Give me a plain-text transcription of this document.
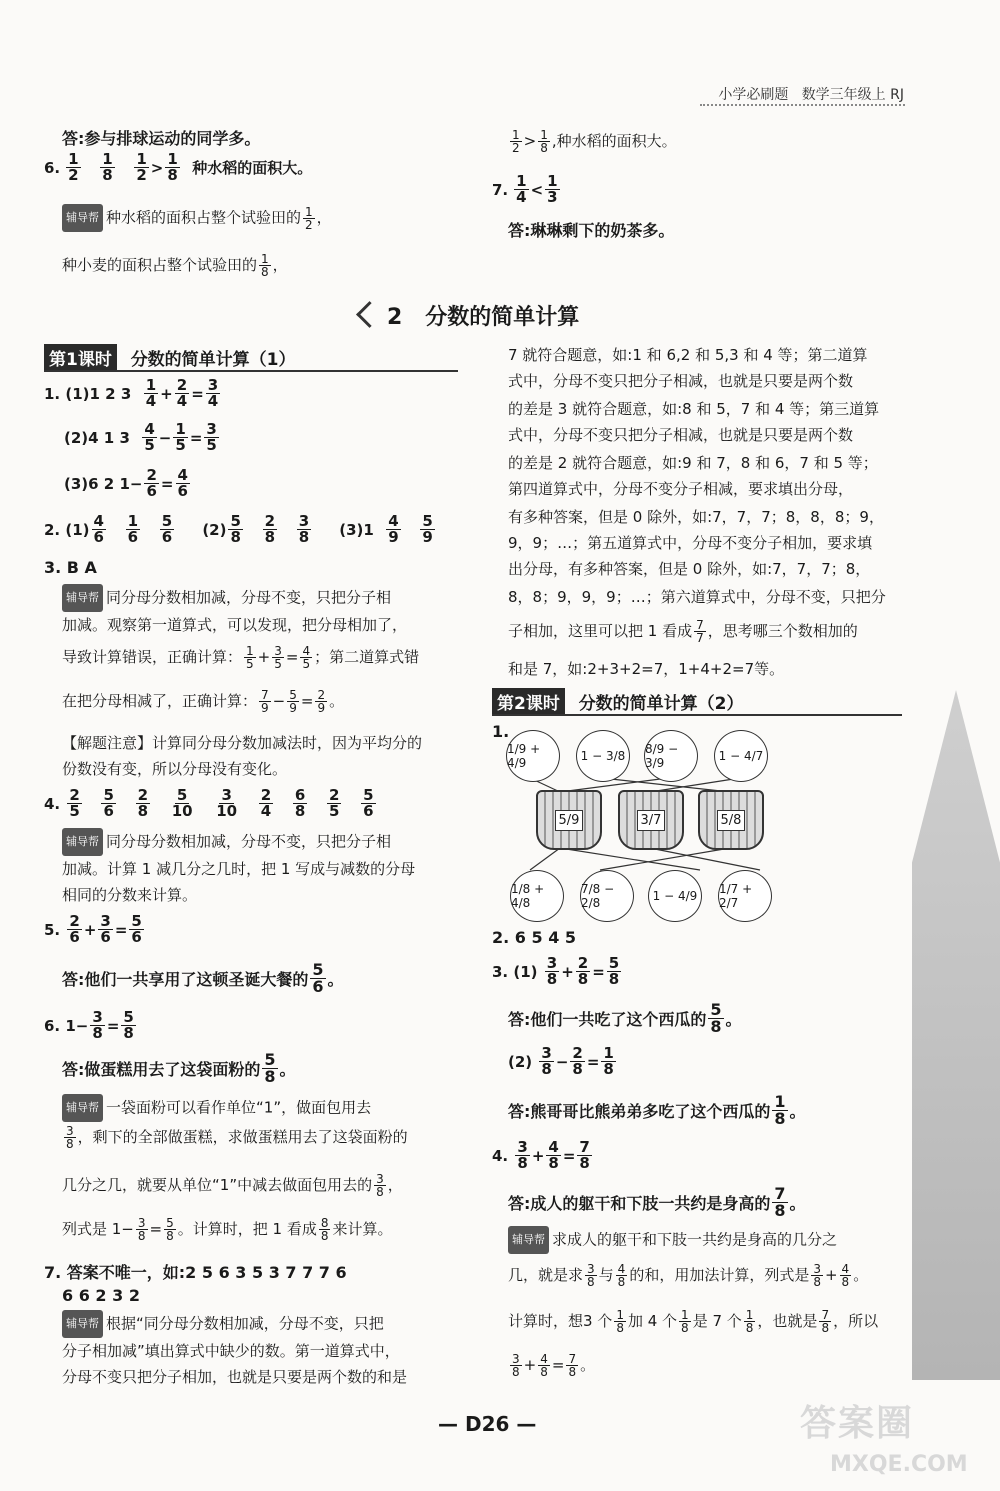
小学必刷题 数学三年级上 RJ
答:参与排球运动的同学多。
6. $\frac{1}{2}$
$\frac{1}{8}$
$\frac{1}{2} > \frac{1}{8}$
种水稻的面积大。
辅导帮 种水稻的面积占整个试验田的 $\frac{1}{2}$ ，
种小麦的面积占整个试验田的 $\frac{1}{8}$ ，
$\frac{1}{2} > \frac{1}{8}$ ,种水稻的面积大。
7. $\frac{1}{4} < \frac{1}{3}$
答:琳琳剩下的奶茶多。
2 分数的简单计算
第1课时 分数的简单计算（1）
1.
(1)1 2 3
$\frac{1}{4} + \frac{2}{4} = \frac{3}{4}$
(2)4 1 3
$\frac{4}{5} - \frac{1}{5} = \frac{3}{5}$
(3)6 2 $1- \frac{2}{6} = \frac{4}{6}$
2.
$(1) \frac{4}{6}$
$\frac{1}{6}$
$\frac{5}{6}$
$(2) \frac{5}{8}$
$\frac{2}{8}$
$\frac{3}{8}$
(3)1
$\frac{4}{9}$
$\frac{5}{9}$
3. B A
辅导帮 同分母分数相加减，分母不变，只把分子相
加减。观察第一道算式，可以发现，把分母相加了，
导致计算错误，正确计算： $\frac{1}{5} + \frac{3}{5} = \frac{4}{5}$ ；第二道算式错
在把分母相减了，正确计算： $\frac{7}{9} - \frac{5}{9} = \frac{2}{9}$ 。
【解题注意】计算同分母分数加减法时，因为平均分的
份数没有变，所以分母没有变化。
4.
$\frac{2}{5}$
$\frac{5}{6}$
$\frac{2}{8}$
$\frac{5}{10}$
$\frac{3}{10}$
$\frac{2}{4}$
$\frac{6}{8}$
$\frac{2}{5}$
$\frac{5}{6}$
辅导帮 同分母分数相加减，分母不变，只把分子相
加减。计算 1 减几分之几时，把 1 写成与减数的分母
相同的分数来计算。
5.
$\frac{2}{6} + \frac{3}{6} = \frac{5}{6}$
答:他们一共享用了这顿圣诞大餐的 $\frac{5}{6}$ 。
6. $1- \frac{3}{8} = \frac{5}{8}$
答:做蛋糕用去了这袋面粉的 $\frac{5}{8}$ 。
辅导帮 一袋面粉可以看作单位“1”，做面包用去
$\frac{3}{8}$ ，剩下的全部做蛋糕，求做蛋糕用去了这袋面粉的
几分之几，就要从单位“1”中减去做面包用去的 $\frac{3}{8}$ ，
列式是 $1- \frac{3}{8} = \frac{5}{8}$ 。计算时，把 1 看成 $\frac{8}{8}$ 来计算。
7. 答案不唯一，如:2 5 6 3 5 3 7 7 7 6
6 6 2 3 2
辅导帮 根据“同分母分数相加减，分母不变，只把
分子相加减”填出算式中缺少的数。第一道算式中，
分母不变只把分子相加，也就是只要是两个数的和是
7 就符合题意，如:1 和 6,2 和 5,3 和 4 等；第二道算
式中，分母不变只把分子相减，也就是只要是两个数
的差是 3 就符合题意，如:8 和 5，7 和 4 等；第三道算
式中，分母不变只把分子相减，也就是只要是两个数
的差是 2 就符合题意，如:9 和 7，8 和 6，7 和 5 等；
第四道算式中，分母不变分子相减，要求填出分母，
有多种答案，但是 0 除外，如:7，7，7；8，8，8；9，
9，9；…；第五道算式中，分母不变分子相加，要求填
出分母，有多种答案，但是 0 除外，如:7，7，7；8，
8，8；9，9，9；…；第六道算式中，分母不变，只把分
子相加，这里可以把 1 看成 $\frac{7}{7}$ ，思考哪三个数相加的
和是 7，如:2+3+2=7，1+4+2=7等。
第2课时 分数的简单计算（2）
1.
1/9 + 4/9	1 − 3/8	8/9 − 3/9	1 − 4/7
5/9	3/7	5/8
1/8 + 4/8
7/8 − 2/8	1 − 4/9	1/7 + 2/7
2. 6 5 4 5
3. (1)
$\frac{3}{8} + \frac{2}{8} = \frac{5}{8}$
答:他们一共吃了这个西瓜的 $\frac{5}{8}$ 。
(2)
$\frac{3}{8} - \frac{2}{8} = \frac{1}{8}$
答:熊哥哥比熊弟弟多吃了这个西瓜的 $\frac{1}{8}$ 。
4.
$\frac{3}{8} + \frac{4}{8} = \frac{7}{8}$
答:成人的躯干和下肢一共约是身高的 $\frac{7}{8}$ 。
辅导帮 求成人的躯干和下肢一共约是身高的几分之
几，就是求 $\frac{3}{8}$ 与 $\frac{4}{8}$ 的和，用加法计算，列式是 $\frac{3}{8} + \frac{4}{8}$ 。
计算时，想3 个 $\frac{1}{8}$ 加 4 个 $\frac{1}{8}$ 是 7 个 $\frac{1}{8}$ ，也就是 $\frac{7}{8}$ ，所以
$\frac{3}{8} + \frac{4}{8} = \frac{7}{8}$ 。
— D26 —	答案圈
MXQE.COM
